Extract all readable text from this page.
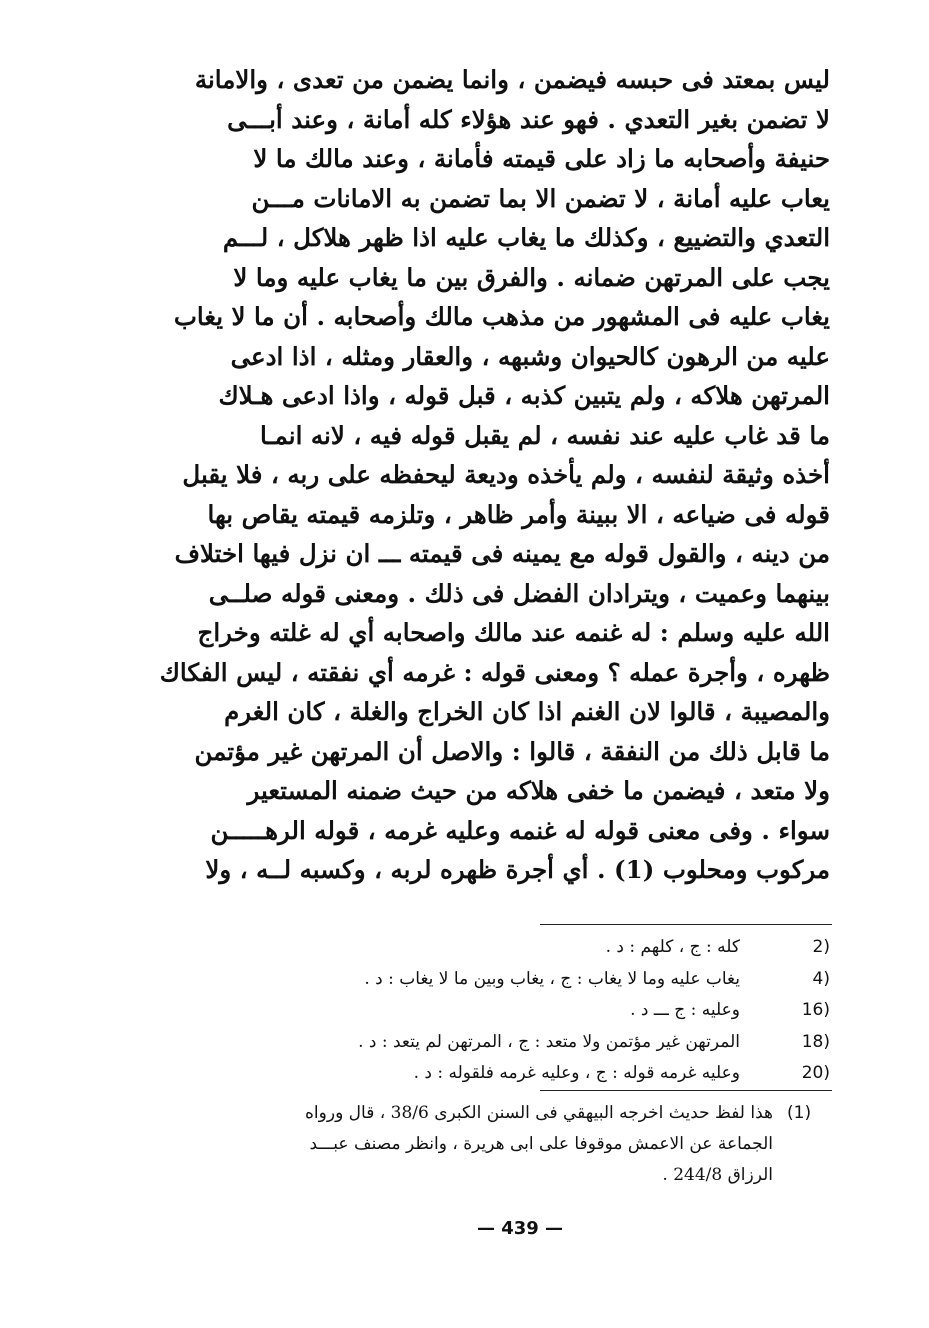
ليس بمعتد فى حبسه فيضمن ، وانما يضمن من تعدى ، والامانة
لا تضمن بغير التعدي . فهو عند هؤلاء كله أمانة ، وعند أبـــى
حنيفة وأصحابه ما زاد على قيمته فأمانة ، وعند مالك ما لا
يعاب عليه أمانة ، لا تضمن الا بما تضمن به الامانات مـــن
التعدي والتضييع ، وكذلك ما يغاب عليه اذا ظهر هلاكل ، لـــم
يجب على المرتهن ضمانه . والفرق بين ما يغاب عليه وما لا
يغاب عليه فى المشهور من مذهب مالك وأصحابه . أن ما لا يغاب
عليه من الرهون كالحيوان وشبهه ، والعقار ومثله ، اذا ادعى
المرتهن هلاكه ، ولم يتبين كذبه ، قبل قوله ، واذا ادعى هـلاك
ما قد غاب عليه عند نفسه ، لم يقبل قوله فيه ، لانه انمـا
أخذه وثيقة لنفسه ، ولم يأخذه وديعة ليحفظه على ربه ، فلا يقبل
قوله فى ضياعه ، الا ببينة وأمر ظاهر ، وتلزمه قيمته يقاص بها
من دينه ، والقول قوله مع يمينه فى قيمته ـــ ان نزل فيها اختلاف
بينهما وعميت ، ويترادان الفضل فى ذلك . ومعنى قوله صلــى
الله عليه وسلم : له غنمه عند مالك واصحابه أي له غلته وخراج
ظهره ، وأجرة عمله ؟ ومعنى قوله : غرمه أي نفقته ، ليس الفكاك
والمصيبة ، قالوا لان الغنم اذا كان الخراج والغلة ، كان الغرم
ما قابل ذلك من النفقة ، قالوا : والاصل أن المرتهن غير مؤتمن
ولا متعد ، فيضمن ما خفى هلاكه من حيث ضمنه المستعير
سواء . وفى معنى قوله له غنمه وعليه غرمه ، قوله الرهـــــن
مركوب ومحلوب (1) . أي أجرة ظهره لربه ، وكسبه لــه ، ولا
كله : ج ، كلهم : د .	2)
يغاب عليه وما لا يغاب : ج ، يغاب وبين ما لا يغاب : د .	4)
وعليه : ج ـــ د .	16)
المرتهن غير مؤتمن ولا متعد : ج ، المرتهن لم يتعد : د .	18)
وعليه غرمه قوله : ج ، وعليه غرمه فلقوله : د .	20)
هذا لفظ حديث اخرجه البيهقي فى السنن الكبرى 38/6 ، قال ورواه
الجماعة عن الاعمش موقوفا على ابى هريرة ، وانظر مصنف عبـــد
الرزاق 244/8 .
(1)
— 439 —
